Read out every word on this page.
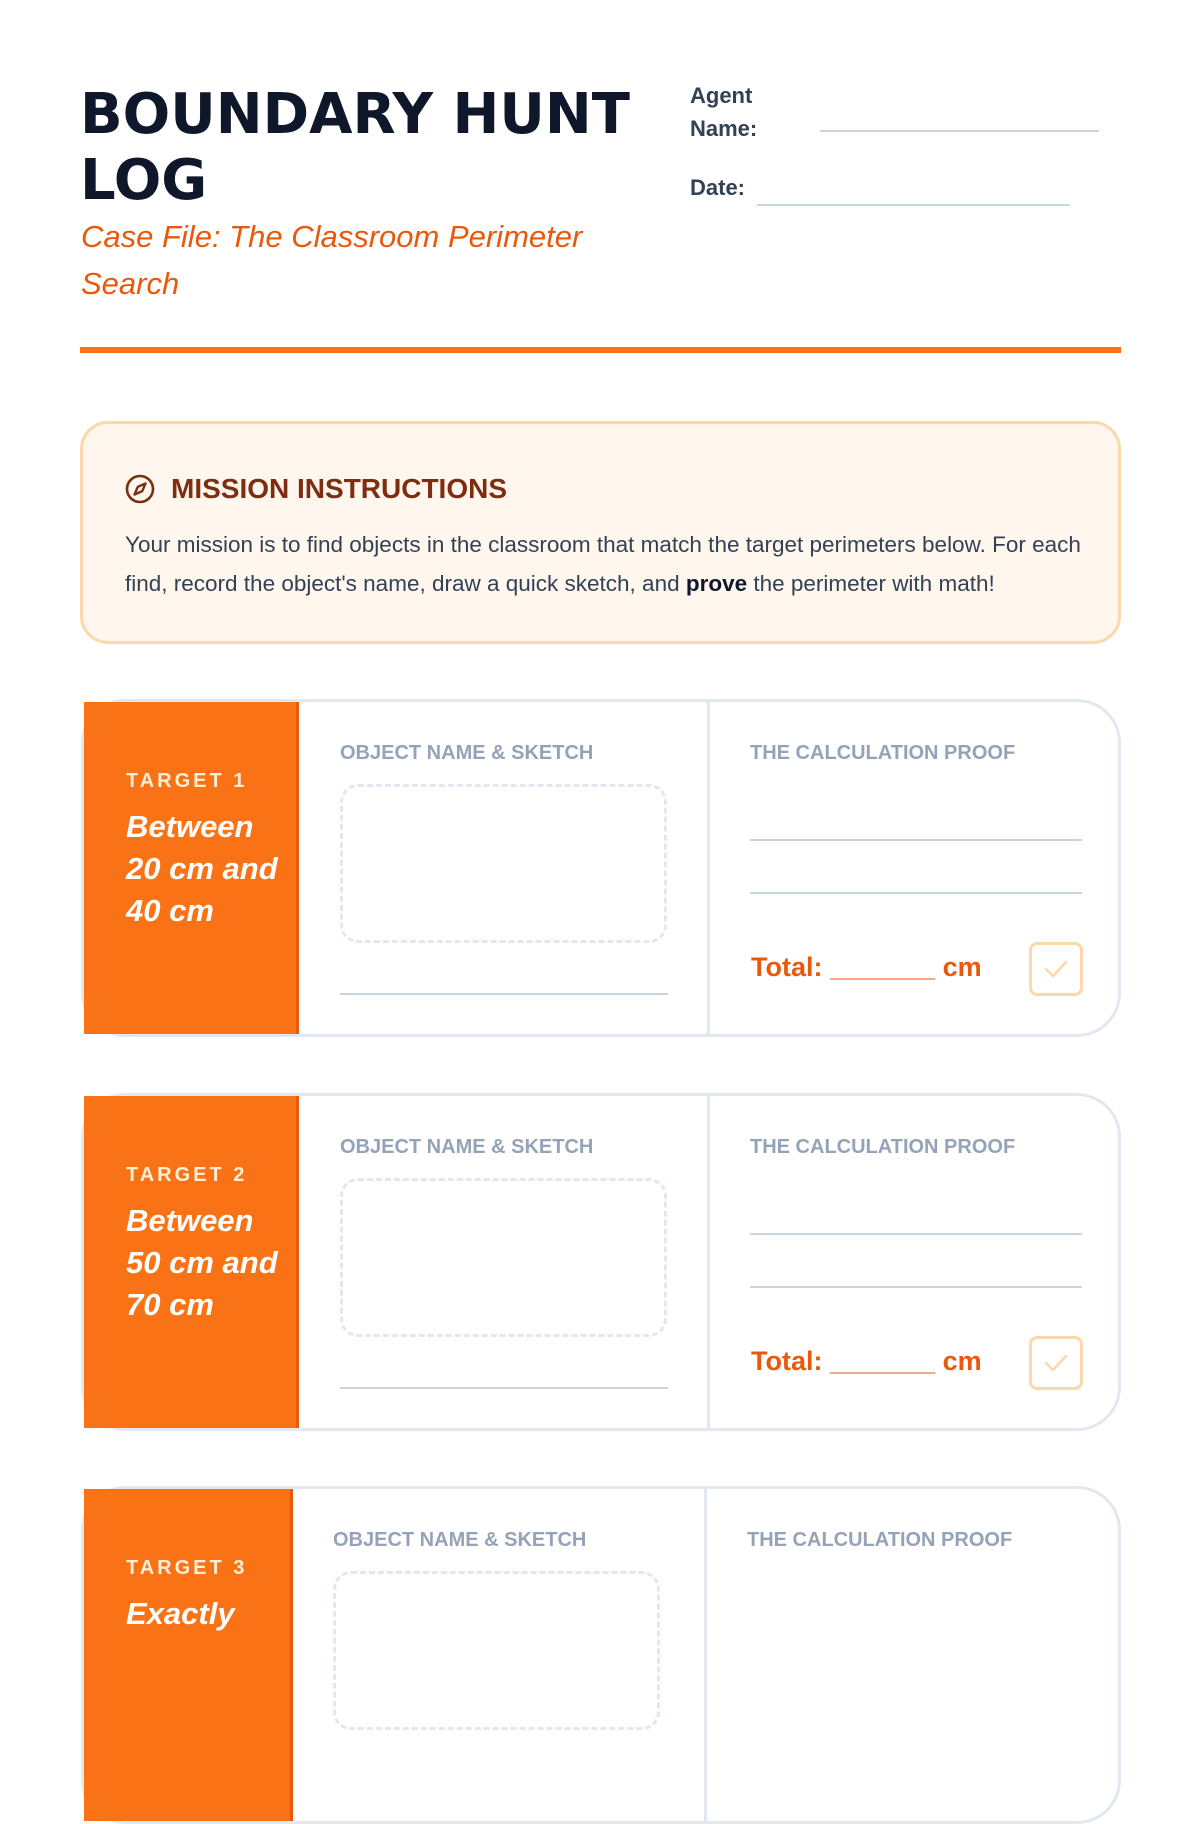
BOUNDARY HUNT LOG
Case File: The Classroom Perimeter Search
Agent
Name:
Date:
MISSION INSTRUCTIONS

Your mission is to find objects in the classroom that match the target perimeters below. For each find, record the object's name, draw a quick sketch, and prove the perimeter with math!

TARGET 1
Between 20 cm and 40 cm
OBJECT NAME & SKETCH	THE CALCULATION PROOF
Total: _______ cm
TARGET 2
Between 50 cm and 70 cm
OBJECT NAME & SKETCH	THE CALCULATION PROOF
Total: _______ cm
TARGET 3
Exactly
OBJECT NAME & SKETCH	THE CALCULATION PROOF
